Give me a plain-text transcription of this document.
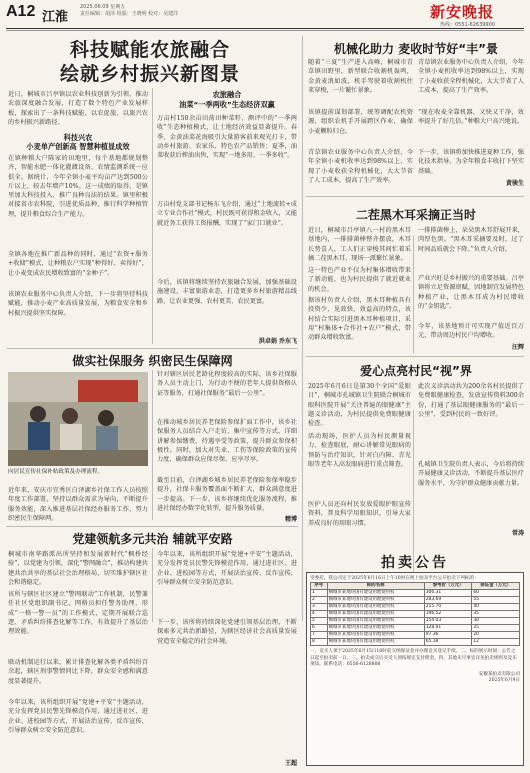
A12 江淮
2025.06.09 星期五
责任编辑：胡泽 组版：王晓明 校对：吴建洋	新安晚报
热线：0551-62639900
科技赋能农旅融合
绘就乡村振兴新图景
近日，桐城市吕亭镇以农业科技创新为引领，推动农旅深度融合发展，打造了数个特色产业发展样板，探索出了一条科技赋能、以农促旅、以旅兴农的乡村振兴新路径。
科技兴农
小麦单产创新高 智慧种植显成效
在镇种粮大户陈家的田地里，每个基地都规划整齐，智能水肥一体化灌溉设备、农情监测系统一应俱全。据统计，今年全镇小麦平均亩产达到500公斤以上，较去年增产10%。这一成绩的取得，是镇里加大科技投入、推广良种良法的结果。镇里积极对接省市农科院，引进优质品种，推行科学种植管理，提升粮食综合生产能力。
全镇各地在推广新品种的同时，通过“农资+服务+收储”模式，让种粮农户实现“种得好、卖得好”，让小麦变成农民增收致富的“金种子”。
该镇农业服务中心负责人介绍，下一步将坚持科技赋能，推动小麦产业高质量发展，为粮食安全和乡村振兴提供坚实保障。
农旅融合
油菜“一季两收”生态经济双赢
万亩村150余亩田荡田种菜籽，测评中的“一季两收”生态种植模式，让土地经济效益显著提升。春季，金黄油菜花海吸引大量游客前来观光打卡，带动乡村旅游、农家乐、特色农产品销售；夏季，油菜收获后榨油出售，实现“一地多用、一季多收”。
万亩村党支部书记杨东飞介绍，通过“土地流转+成立专业合作社”模式，村民既可获得租金收入，又能就近务工获得工资报酬，实现了“家门口就业”。
今后，该镇将继续坚持农旅融合发展，加强基础设施建设，丰富旅游业态，打造更多乡村旅游精品线路，让农业更强、农村更美、农民更富。
洪卓娟 乔东飞
做实社保服务 织密民生保障网
向居民宣传社保补贴政策及办理流程。
近年来，安庆市宜秀区白泽湖乡社保工作人员按照年度工作部署，坚持以群众需求为导向，不断提升服务效能，深入推进基层社保经办服务工作，努力织密民生保障网。
针对辖区居民老龄化程度较高的实际，该乡社保服务人员主动上门，为行动不便的老年人提供资格认证等服务，打通社保服务“最后一公里”。
在推动城乡居民养老保险参保扩面工作中，该乡社保服务人员结合入户走访、集中宣传等方式，详细讲解参保缴费、待遇享受等政策，提升群众参保积极性。同时，加大对失业、工伤等保险政策的宣传力度，确保群众应保尽保、应享尽享。
截至目前，白泽湖乡城乡居民养老保险参保率稳步提升，社保卡服务覆盖面不断扩大，群众满意度进一步提高。下一步，该乡将继续优化服务流程，推进社保经办数字化转型，提升服务质量。
精博
党建领航多元共治 辅就平安路
桐城市南华路派出所坚持和发展新时代“枫桥经验”，以党建为引领，深化“警网融合”，推动构建共建共治共享的基层社会治理格局，切实维护辖区社会和谐稳定。
该所与辖区社区建立“警网联动”工作机制，民警兼任社区党组织副书记，网格员担任警务助理，形成“一格一警一员”的工作模式，定期开展联合巡逻、矛盾纠纷排查化解等工作，有效提升了基层治理效能。
联动机制运行以来，累计排查化解各类矛盾纠纷百余起，辖区刑事警情同比下降，群众安全感和满意度显著提升。
今年以来，该所组织开展“党建+平安”主题活动，充分发挥党员民警先锋模范作用，通过进社区、进企业、进校园等方式，开展法治宣传、反诈宣传，引导群众树立安全防范意识。
今年以来，该所组织开展“党建+平安”主题活动，充分发挥党员民警先锋模范作用，通过进社区、进企业、进校园等方式，开展法治宣传、反诈宣传，引导群众树立安全防范意识。
下一步，该所将持续深化党建引领基层治理，不断探索多元共治新路径，为辖区经济社会高质量发展营造安全稳定的社会环境。
王超
机械化助力 麦收时节好“丰”景
随着“三夏”生产进入高峰，桐城市青草镇田野里，新型联合收割机轰鸣，金黄麦浪如波，机手驾驶着收割机往来穿梭，一片繁忙景象。
该镇提前谋划部署，统筹调配农机资源，组织农机手开展跨区作业，确保小麦颗粒归仓。
青草镇农业服务中心负责人介绍，今年全镇小麦机收率达到98%以上，实现了小麦收获全程机械化，大大节省了人工成本，提高了生产效率。
青草镇农业服务中心负责人介绍，今年全镇小麦机收率达到98%以上，实现了小麦收获全程机械化，大大节省了人工成本，提高了生产效率。
“现在收麦全靠机器，又快又干净，效率提升了好几倍。”种粮大户高兴地说。
下一步，该镇将加快推进夏种工作，强化技术指导，为全年粮食丰收打下坚实基础。
黄骏生
二茬黑木耳采摘正当时
近日，桐城市吕亭镇八一村的黑木耳基地内，一排排菌棒整齐摆放，木耳长势喜人，工人们正穿梭其间忙着采摘二茬黑木耳，现场一派繁忙景象。
这一特色产业不仅为村集体增收带来了新动能，也为村民提供了就近就业的机会。
据该村负责人介绍，黑木耳种植具有投资少、见效快、效益高的特点，该村结合实际引进黑木耳种植项目，采用“村集体+合作社+农户”模式，带动群众增收致富。
一排排菌棒上，朵朵黑木耳舒展开来，肉厚色黑。“黑木耳采摘要及时，过了时间品质就会下降。”负责人介绍。
产业兴旺是乡村振兴的重要基础。吕亭镇将立足资源禀赋，因地制宜发展特色种植产业，让黑木耳成为村民增收的“金钥匙”。
今年，该基地预计可实现产值近百万元，带动周边村民户均增收。
汪辉
爱心点亮村民“视”界
2025年6月6日是第30个全国“爱眼日”，桐城市孔城镇卫生院联合桐城市眼科医院开展“关注普遍的眼健康”主题义诊活动，为村民提供免费眼健康检查。
活动现场，医护人员为村民测量视力、检查眼底，耐心讲解常见眼病的预防与治疗知识，针对白内障、青光眼等老年人高发眼病进行重点筛查。
医护人员还向村民发放爱眼护眼宣传资料，普及科学用眼知识，引导大家养成良好的用眼习惯。
此次义诊活动共为200余名村民提供了免费眼健康检查，发放宣传资料300余份，打通了基层眼健康服务的“最后一公里”，受到村民的一致好评。
孔城镇卫生院负责人表示，今后将持续开展健康义诊活动，不断提升基层医疗服务水平，为守护群众健康贡献力量。
常涛
拍卖公告
受委托，我公司定于2025年6月16日上午10时在网上拍卖平台公开拍卖下列标的：
序号	标的名称	参考价（万元）	保证金（万元）
1	桐城市某地块国有建设用地使用权	306.31	60
2	桐城市某地块国有建设用地使用权	283.69	55
3	桐城市某地块国有建设用地使用权	215.70	40
4	桐城市某地块国有建设用地使用权	196.52	35
5	桐城市某地块国有建设用地使用权	154.03	30
6	桐城市某地块国有建设用地使用权	128.41	25
7	桐城市某地块国有建设用地使用权	97.36	20
8	桐城市某地块国有建设用地使用权	65.18	12
一、竞买人须于2025年6月15日16时前交纳保证金并办理竞买登记手续。二、标的展示时间：公告之日起至拍卖前一日。三、拍卖成交后买受人须按规定支付佣金。四、其他未尽事宜详见拍卖规则及竞买须知。联系电话：0556-6128888
安徽某拍卖有限公司
2025年6月9日
